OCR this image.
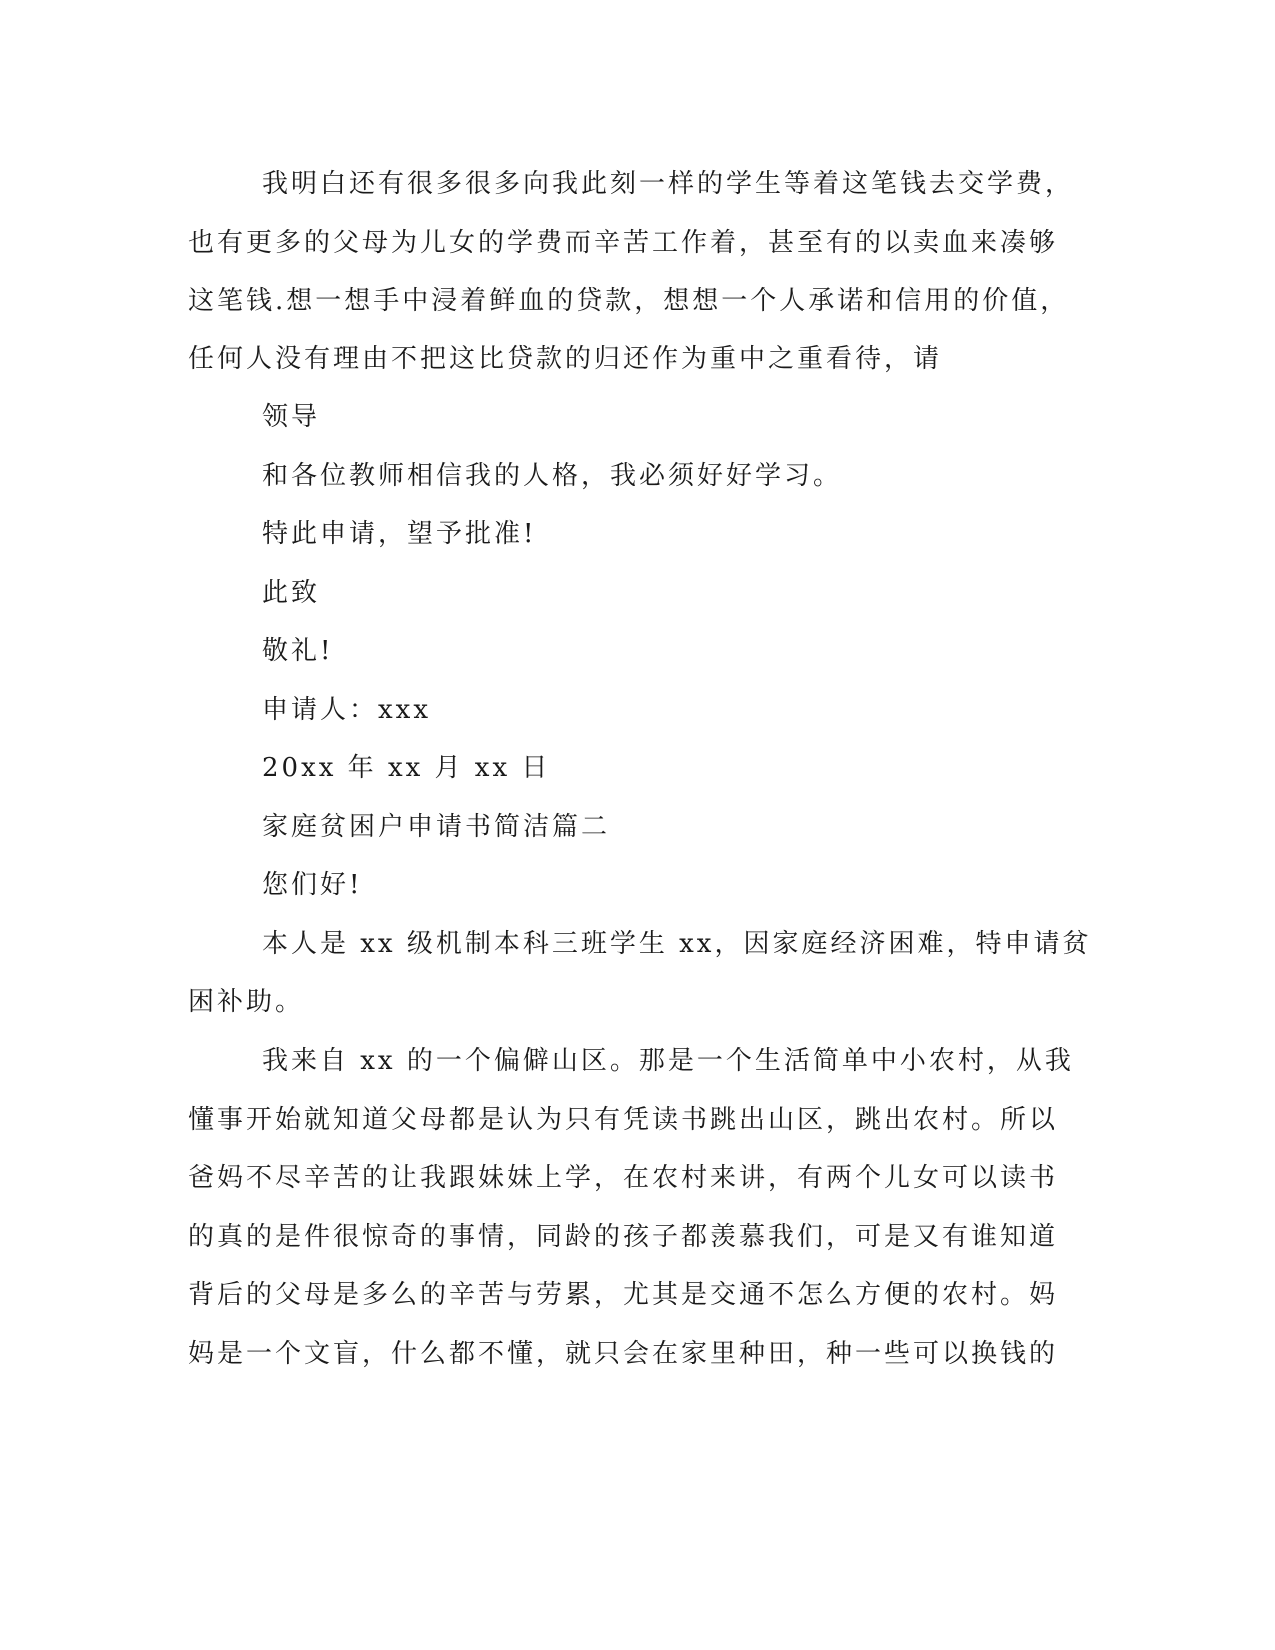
我明白还有很多很多向我此刻一样的学生等着这笔钱去交学费，
也有更多的父母为儿女的学费而辛苦工作着，甚至有的以卖血来凑够
这笔钱.想一想手中浸着鲜血的贷款，想想一个人承诺和信用的价值，
任何人没有理由不把这比贷款的归还作为重中之重看待，请
领导
和各位教师相信我的人格，我必须好好学习。
特此申请，望予批准!
此致
敬礼!
申请人：xxx
20xx 年 xx 月 xx 日
家庭贫困户申请书简洁篇二
您们好!
本人是 xx 级机制本科三班学生 xx，因家庭经济困难，特申请贫
困补助。
我来自 xx 的一个偏僻山区。那是一个生活简单中小农村，从我
懂事开始就知道父母都是认为只有凭读书跳出山区，跳出农村。所以
爸妈不尽辛苦的让我跟妹妹上学，在农村来讲，有两个儿女可以读书
的真的是件很惊奇的事情，同龄的孩子都羡慕我们，可是又有谁知道
背后的父母是多么的辛苦与劳累，尤其是交通不怎么方便的农村。妈
妈是一个文盲，什么都不懂，就只会在家里种田，种一些可以换钱的
